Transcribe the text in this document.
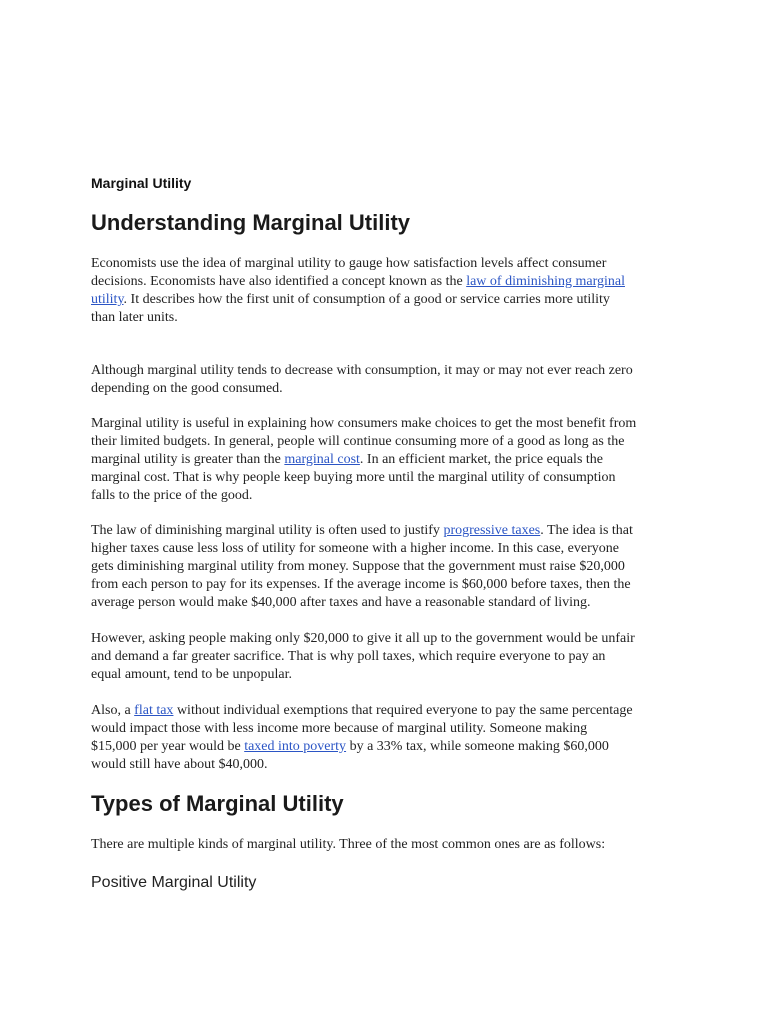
Marginal Utility
Understanding Marginal Utility

Economists use the idea of marginal utility to gauge how satisfaction levels affect consumer
decisions. Economists have also identified a concept known as the law of diminishing marginal
utility. It describes how the first unit of consumption of a good or service carries more utility
than later units.

Although marginal utility tends to decrease with consumption, it may or may not ever reach zero
depending on the good consumed.

Marginal utility is useful in explaining how consumers make choices to get the most benefit from
their limited budgets. In general, people will continue consuming more of a good as long as the
marginal utility is greater than the marginal cost. In an efficient market, the price equals the
marginal cost. That is why people keep buying more until the marginal utility of consumption
falls to the price of the good.

The law of diminishing marginal utility is often used to justify progressive taxes. The idea is that
higher taxes cause less loss of utility for someone with a higher income. In this case, everyone
gets diminishing marginal utility from money. Suppose that the government must raise $20,000
from each person to pay for its expenses. If the average income is $60,000 before taxes, then the
average person would make $40,000 after taxes and have a reasonable standard of living.

However, asking people making only $20,000 to give it all up to the government would be unfair
and demand a far greater sacrifice. That is why poll taxes, which require everyone to pay an
equal amount, tend to be unpopular.

Also, a flat tax without individual exemptions that required everyone to pay the same percentage
would impact those with less income more because of marginal utility. Someone making
$15,000 per year would be taxed into poverty by a 33% tax, while someone making $60,000
would still have about $40,000.

Types of Marginal Utility

There are multiple kinds of marginal utility. Three of the most common ones are as follows:

Positive Marginal Utility
